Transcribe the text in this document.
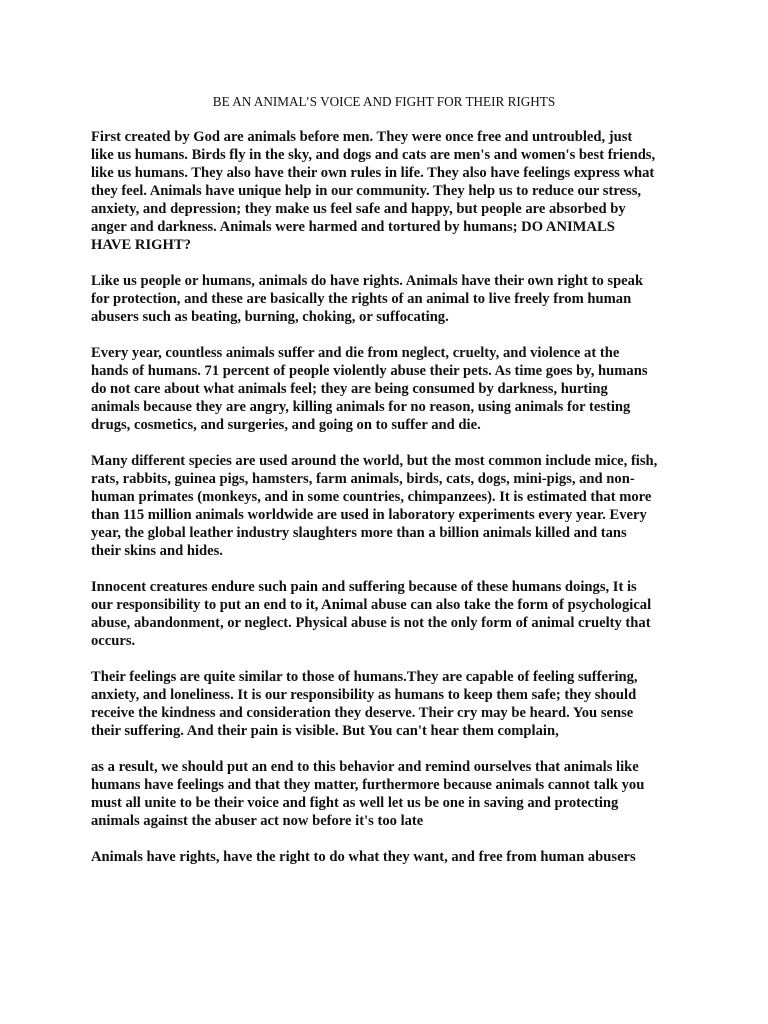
BE AN ANIMAL’S VOICE AND FIGHT FOR THEIR RIGHTS

First created by God are animals before men. They were once free and untroubled, just
like us humans. Birds fly in the sky, and dogs and cats are men's and women's best friends,
like us humans. They also have their own rules in life. They also have feelings express what
they feel. Animals have unique help in our community. They help us to reduce our stress,
anxiety, and depression; they make us feel safe and happy, but people are absorbed by
anger and darkness. Animals were harmed and tortured by humans; DO ANIMALS
HAVE RIGHT?

Like us people or humans, animals do have rights. Animals have their own right to speak
for protection, and these are basically the rights of an animal to live freely from human
abusers such as beating, burning, choking, or suffocating.

Every year, countless animals suffer and die from neglect, cruelty, and violence at the
hands of humans. 71 percent of people violently abuse their pets. As time goes by, humans
do not care about what animals feel; they are being consumed by darkness, hurting
animals because they are angry, killing animals for no reason, using animals for testing
drugs, cosmetics, and surgeries, and going on to suffer and die.

Many different species are used around the world, but the most common include mice, fish,
rats, rabbits, guinea pigs, hamsters, farm animals, birds, cats, dogs, mini-pigs, and non-
human primates (monkeys, and in some countries, chimpanzees). It is estimated that more
than 115 million animals worldwide are used in laboratory experiments every year. Every
year, the global leather industry slaughters more than a billion animals killed and tans
their skins and hides.

Innocent creatures endure such pain and suffering because of these humans doings, It is
our responsibility to put an end to it, Animal abuse can also take the form of psychological
abuse, abandonment, or neglect. Physical abuse is not the only form of animal cruelty that
occurs.

Their feelings are quite similar to those of humans.They are capable of feeling suffering,
anxiety, and loneliness. It is our responsibility as humans to keep them safe; they should
receive the kindness and consideration they deserve. Their cry may be heard. You sense
their suffering. And their pain is visible. But You can't hear them complain,

as a result, we should put an end to this behavior and remind ourselves that animals like
humans have feelings and that they matter, furthermore because animals cannot talk you
must all unite to be their voice and fight as well let us be one in saving and protecting
animals against the abuser act now before it's too late

Animals have rights, have the right to do what they want, and free from human abusers
